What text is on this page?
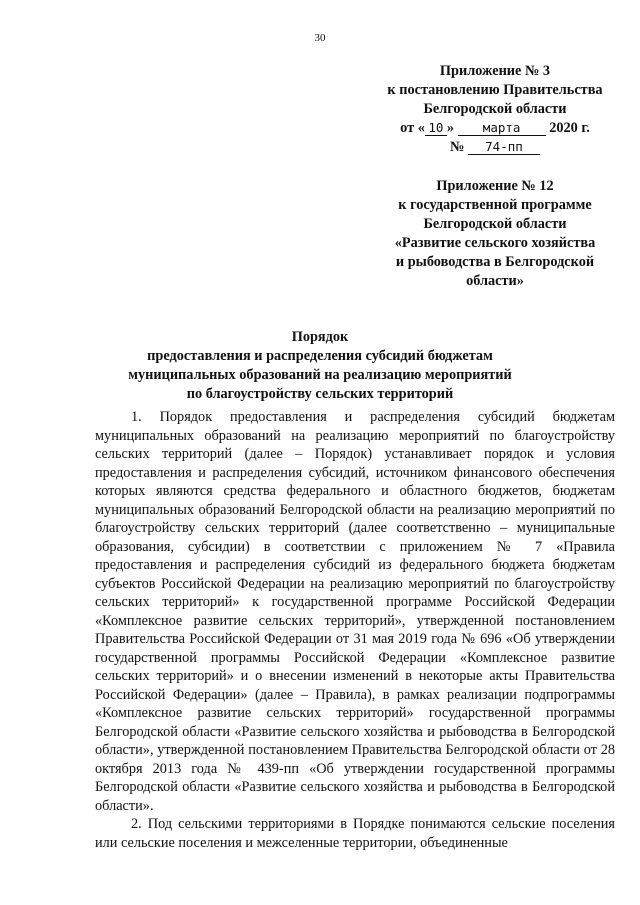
30
Приложение № 3
к постановлению Правительства
Белгородской области
от « 10 » марта 2020 г.
№ 74-пп
Приложение № 12
к государственной программе
Белгородской области
«Развитие сельского хозяйства
и рыбоводства в Белгородской
области»
Порядок
предоставления и распределения субсидий бюджетам
муниципальных образований на реализацию мероприятий
по благоустройству сельских территорий

1. Порядок предоставления и распределения субсидий бюджетам муниципальных образований на реализацию мероприятий по благоустройству сельских территорий (далее – Порядок) устанавливает порядок и условия предоставления и распределения субсидий, источником финансового обеспечения которых являются средства федерального и областного бюджетов, бюджетам муниципальных образований Белгородской области на реализацию мероприятий по благоустройству сельских территорий (далее соответственно – муниципальные образования, субсидии) в соответствии с приложением № 7 «Правила предоставления и распределения субсидий из федерального бюджета бюджетам субъектов Российской Федерации на реализацию мероприятий по благоустройству сельских территорий» к государственной программе Российской Федерации «Комплексное развитие сельских территорий», утвержденной постановлением Правительства Российской Федерации от 31 мая 2019 года № 696 «Об утверждении государственной программы Российской Федерации «Комплексное развитие сельских территорий» и о внесении изменений в некоторые акты Правительства Российской Федерации» (далее – Правила), в рамках реализации подпрограммы «Комплексное развитие сельских территорий» государственной программы Белгородской области «Развитие сельского хозяйства и рыбоводства в Белгородской области», утвержденной постановлением Правительства Белгородской области от 28 октября 2013 года № 439-пп «Об утверждении государственной программы Белгородской области «Развитие сельского хозяйства и рыбоводства в Белгородской области».

2. Под сельскими территориями в Порядке понимаются сельские поселения или сельские поселения и межселенные территории, объединенные
